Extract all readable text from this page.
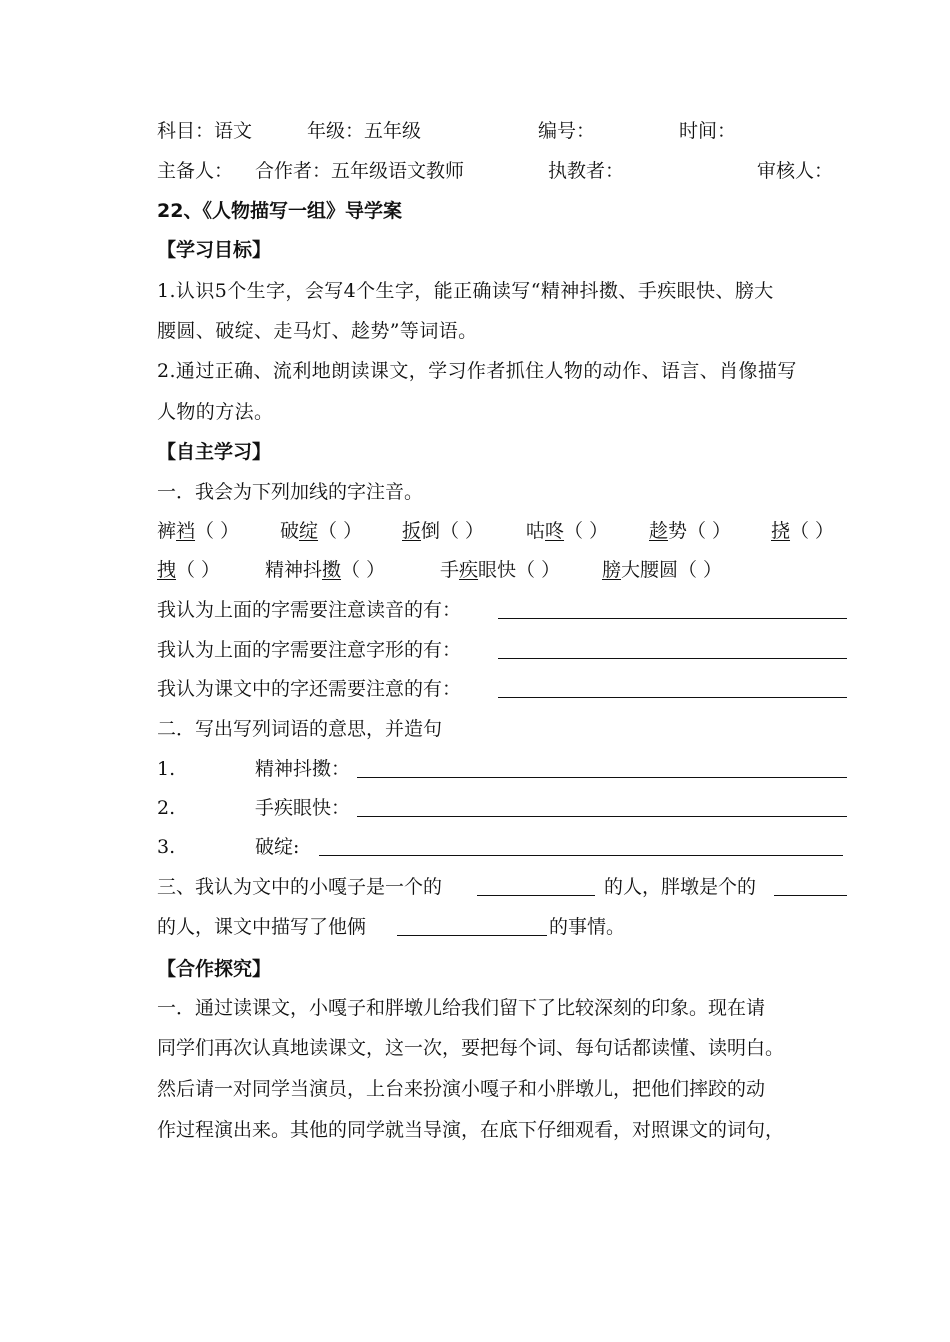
科目：语文	年级：五年级	编号：	时间：
主备人： 合作者：五年级语文教师	执教者：	审核人：
22、《人物描写一组》导学案
【学习目标】
1.认识5个生字，会写4个生字，能正确读写“精神抖擞、手疾眼快、膀大
腰圆、破绽、走马灯、趁势”等词语。
2.通过正确、流利地朗读课文，学习作者抓住人物的动作、语言、肖像描写
人物的方法。
【自主学习】
一．我会为下列加线的字注音。
裤裆（ ） 破绽（ ） 扳倒（ ） 咕咚（ ） 趁势（ ） 挠（ ）
拽（ ） 精神抖擞（ ）	手疾眼快（ ） 膀大腰圆（ ）
我认为上面的字需要注意读音的有：
我认为上面的字需要注意字形的有：
我认为课文中的字还需要注意的有：
二．写出写列词语的意思，并造句
1.	精神抖擞：
2.	手疾眼快：
3.	破绽:
三、我认为文中的小嘎子是一个的	的人，胖墩是个的
的人，课文中描写了他俩	的事情。
【合作探究】
一．通过读课文，小嘎子和胖墩儿给我们留下了比较深刻的印象。现在请
同学们再次认真地读课文，这一次，要把每个词、每句话都读懂、读明白。
然后请一对同学当演员，上台来扮演小嘎子和小胖墩儿，把他们摔跤的动
作过程演出来。其他的同学就当导演，在底下仔细观看，对照课文的词句，
